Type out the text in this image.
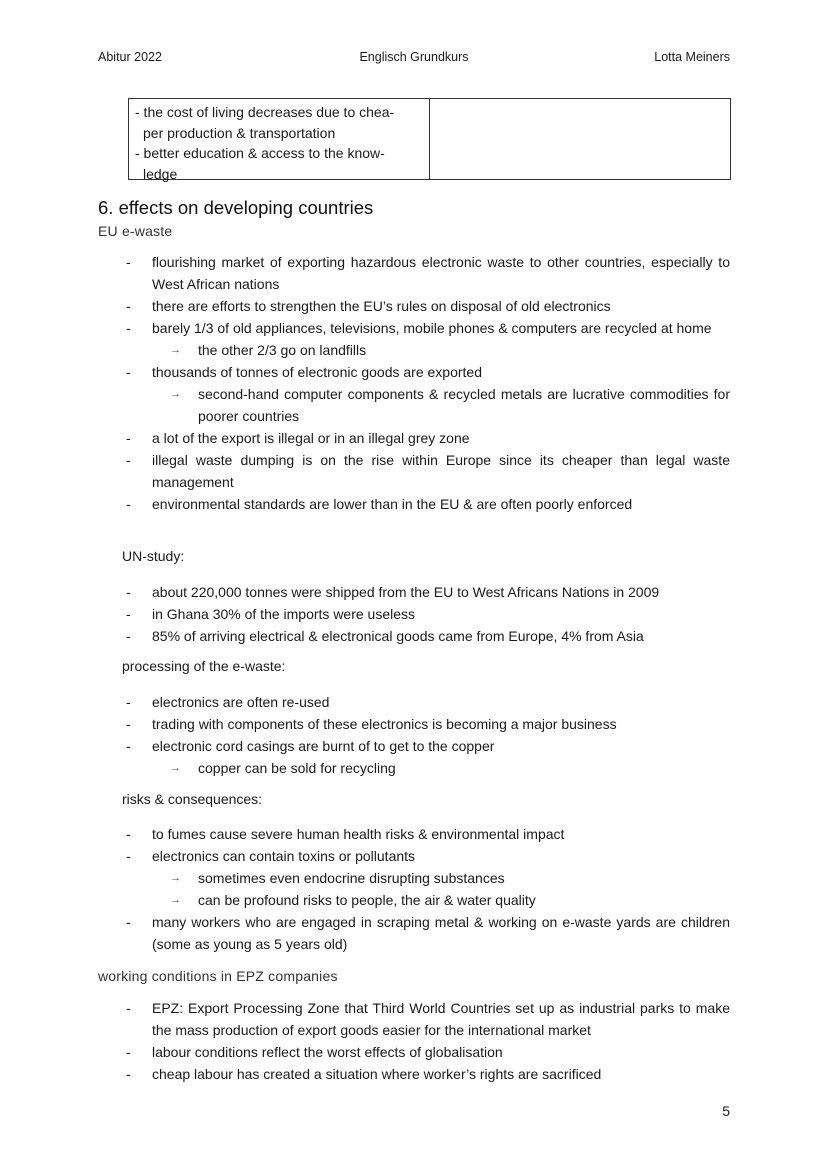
Abitur 2022	Englisch Grundkurs	Lotta Meiners
- the cost of living decreases due to chea-
per production & transportation
- better education & access to the know-
ledge
6. effects on developing countries
EU e-waste
- flourishing market of exporting hazardous electronic waste to other countries, especially to West African nations
- there are efforts to strengthen the EU’s rules on disposal of old electronics
- barely 1/3 of old appliances, televisions, mobile phones & computers are recycled at home
→ the other 2/3 go on landfills
- thousands of tonnes of electronic goods are exported
→ second-hand computer components & recycled metals are lucrative commodities for poorer countries
- a lot of the export is illegal or in an illegal grey zone
- illegal waste dumping is on the rise within Europe since its cheaper than legal waste management
- environmental standards are lower than in the EU & are often poorly enforced
UN-study:
- about 220,000 tonnes were shipped from the EU to West Africans Nations in 2009
- in Ghana 30% of the imports were useless
- 85% of arriving electrical & electronical goods came from Europe, 4% from Asia
processing of the e-waste:
- electronics are often re-used
- trading with components of these electronics is becoming a major business
- electronic cord casings are burnt of to get to the copper
→ copper can be sold for recycling
risks & consequences:
- to fumes cause severe human health risks & environmental impact
- electronics can contain toxins or pollutants
→ sometimes even endocrine disrupting substances
→ can be profound risks to people, the air & water quality
- many workers who are engaged in scraping metal & working on e-waste yards are children (some as young as 5 years old)
working conditions in EPZ companies
- EPZ: Export Processing Zone that Third World Countries set up as industrial parks to make the mass production of export goods easier for the international market
- labour conditions reflect the worst effects of globalisation
- cheap labour has created a situation where worker’s rights are sacrificed
5
